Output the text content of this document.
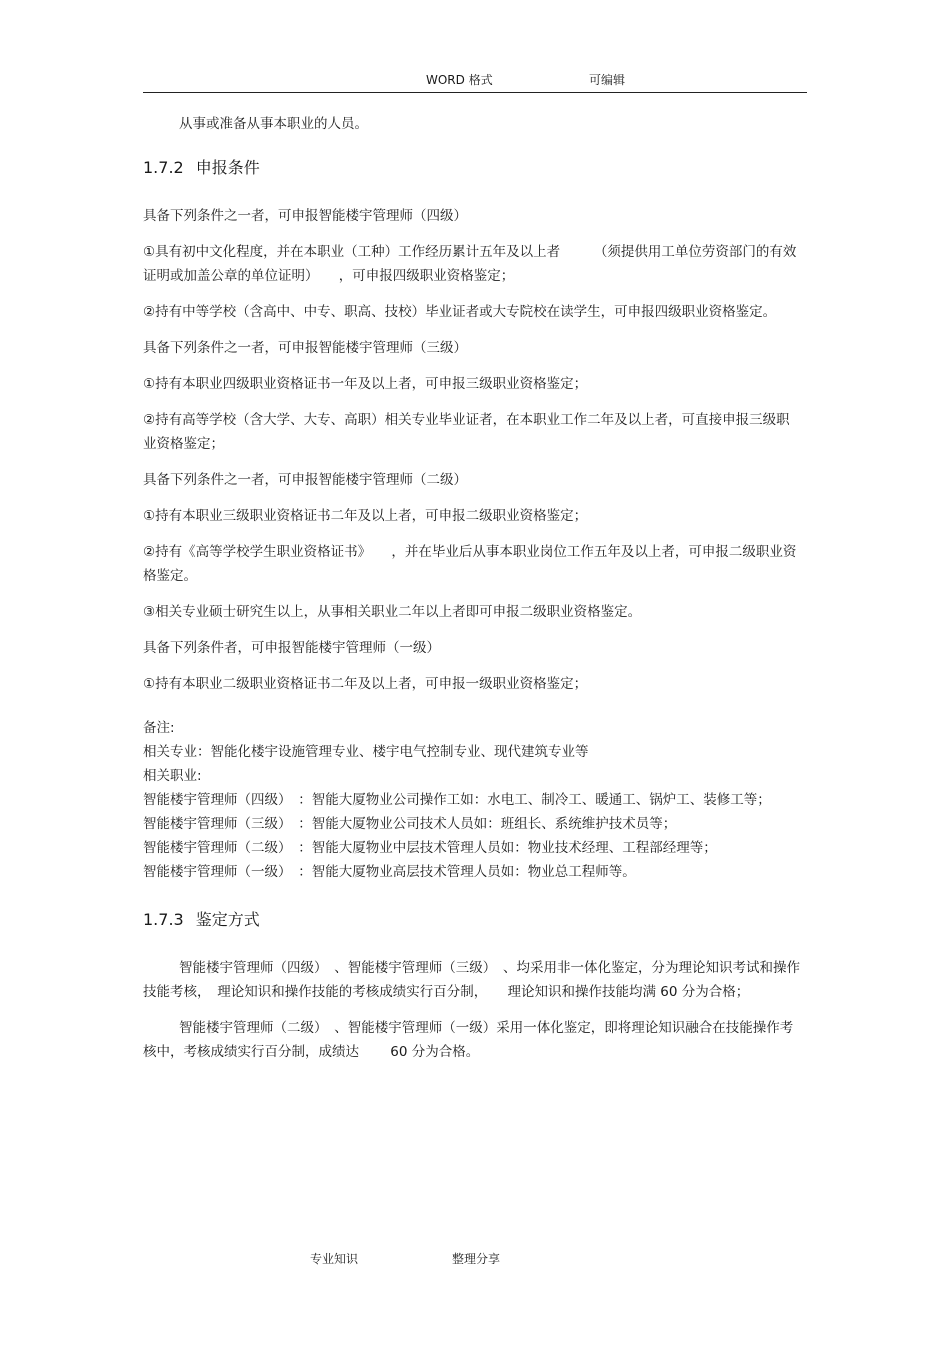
WORD 格式	可编辑

从事或准备从事本职业的人员。

1.7.2 申报条件

具备下列条件之一者，可申报智能楼宇管理师（四级）

①具有初中文化程度，并在本职业（工种）工作经历累计五年及以上者　　　（须提供用工单位劳资部门的有效证明或加盖公章的单位证明）　　，可申报四级职业资格鉴定；

②持有中等学校（含高中、中专、职高、技校）毕业证者或大专院校在读学生，可申报四级职业资格鉴定。

具备下列条件之一者，可申报智能楼宇管理师（三级）

①持有本职业四级职业资格证书一年及以上者，可申报三级职业资格鉴定；

②持有高等学校（含大学、大专、高职）相关专业毕业证者，在本职业工作二年及以上者，可直接申报三级职业资格鉴定；

具备下列条件之一者，可申报智能楼宇管理师（二级）

①持有本职业三级职业资格证书二年及以上者，可申报二级职业资格鉴定；

②持有《高等学校学生职业资格证书》　　，并在毕业后从事本职业岗位工作五年及以上者，可申报二级职业资格鉴定。

③相关专业硕士研究生以上，从事相关职业二年以上者即可申报二级职业资格鉴定。

具备下列条件者，可申报智能楼宇管理师（一级）

①持有本职业二级职业资格证书二年及以上者，可申报一级职业资格鉴定；

备注:
相关专业：智能化楼宇设施管理专业、楼宇电气控制专业、现代建筑专业等
相关职业:
智能楼宇管理师（四级）　：智能大厦物业公司操作工如：水电工、制冷工、暖通工、锅炉工、装修工等；
智能楼宇管理师（三级）　：智能大厦物业公司技术人员如：班组长、系统维护技术员等；
智能楼宇管理师（二级）　：智能大厦物业中层技术管理人员如：物业技术经理、工程部经理等；
智能楼宇管理师（一级）　：智能大厦物业高层技术管理人员如：物业总工程师等。
1.7.3 鉴定方式

智能楼宇管理师（四级）　、智能楼宇管理师（三级）　、均采用非一体化鉴定，分为理论知识考试和操作技能考核，　理论知识和操作技能的考核成绩实行百分制，　　理论知识和操作技能均满 60 分为合格；

智能楼宇管理师（二级）　、智能楼宇管理师（一级）采用一体化鉴定，即将理论知识融合在技能操作考核中，考核成绩实行百分制，成绩达　　 60 分为合格。

专业知识	整理分享
